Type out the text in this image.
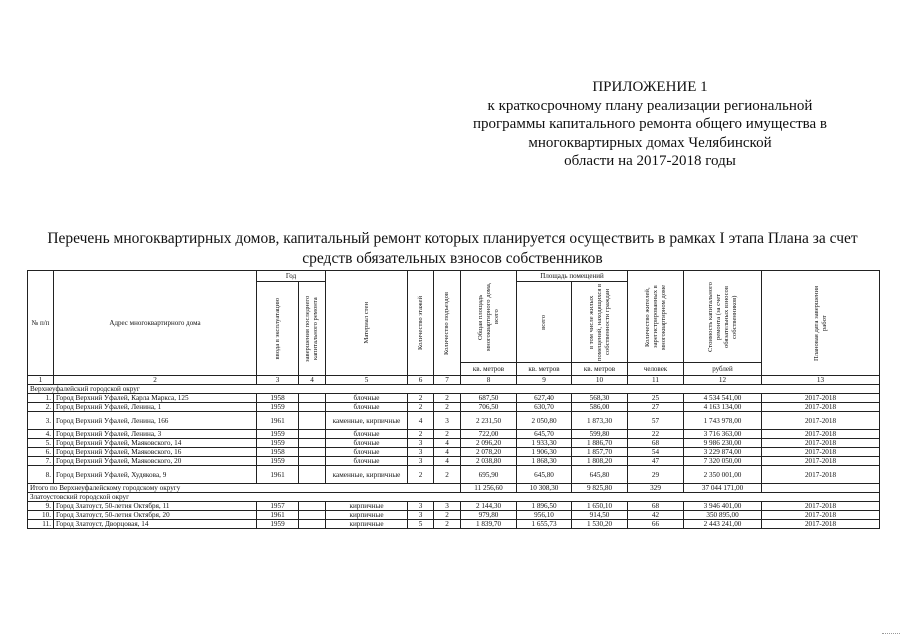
ПРИЛОЖЕНИЕ 1
к краткосрочному плану реализации региональной
программы капитального ремонта общего имущества в
многоквартирных домах Челябинской
области на 2017-2018 годы
Перечень многоквартирных домов, капитальный ремонт которых планируется осуществить в рамках I этапа Плана за счет
средств обязательных взносов собственников
№ п/п	Адрес многоквартирного дома	Год		Материал стен	Количество этажей	Количество подъездов	Общая площадь многоквартирного дома, всего	Площадь помещений		Количество жителей, зарегистрированных в многоквартирном доме	Стоимость капитального ремонта (за счет обязательных взносов собственников)	Плановая дата завершения работ

		ввода в эксплуатацию	завершения последнего капитального ремонта					всего	в том числе жилых помещений, находящихся в собственности граждан			

							кв. метров	кв. метров	кв. метров	человек	рублей	
1	2	3	4	5	6	7	8	9	10	11	12	13
Верхнеуфалейский городской округ												
1.	Город Верхний Уфалей, Карла Маркса, 125	1958		блочные	2	2	687,50	627,40	568,30	25	4 534 541,00	2017-2018
2.	Город Верхний Уфалей, Ленина, 1	1959		блочные	2	2	706,50	630,70	586,00	27	4 163 134,00	2017-2018
3.	Город Верхний Уфалей, Ленина, 166	1961		каменные, кирпичные	4	3	2 231,50	2 050,80	1 873,30	57	1 743 978,00	2017-2018
4.	Город Верхний Уфалей, Ленина, 3	1959		блочные	2	2	722,00	645,70	599,80	22	3 716 363,00	2017-2018
5.	Город Верхний Уфалей, Маяковского, 14	1959		блочные	3	4	2 096,20	1 933,30	1 886,70	68	9 986 230,00	2017-2018
6.	Город Верхний Уфалей, Маяковского, 16	1958		блочные	3	4	2 078,20	1 906,30	1 857,70	54	3 229 874,00	2017-2018
7.	Город Верхний Уфалей, Маяковского, 20	1959		блочные	3	4	2 038,80	1 868,30	1 808,20	47	7 320 050,00	2017-2018
8.	Город Верхний Уфалей, Худякова, 9	1961		каменные, кирпичные	2	2	695,90	645,80	645,80	29	2 350 001,00	2017-2018
Итого по Верхнеуфалейскому городскому округу							11 256,60	10 308,30	9 825,80	329	37 044 171,00	
Златоустовский городской округ												
9.	Город Златоуст, 50-летия Октября, 11	1957		кирпичные	3	3	2 144,30	1 896,50	1 650,10	68	3 946 401,00	2017-2018
10.	Город Златоуст, 50-летия Октября, 20	1961		кирпичные	3	2	979,80	956,10	914,50	42	350 895,00	2017-2018
11.	Город Златоуст, Дворцовая, 14	1959		кирпичные	5	2	1 839,70	1 655,73	1 530,20	66	2 443 241,00	2017-2018
